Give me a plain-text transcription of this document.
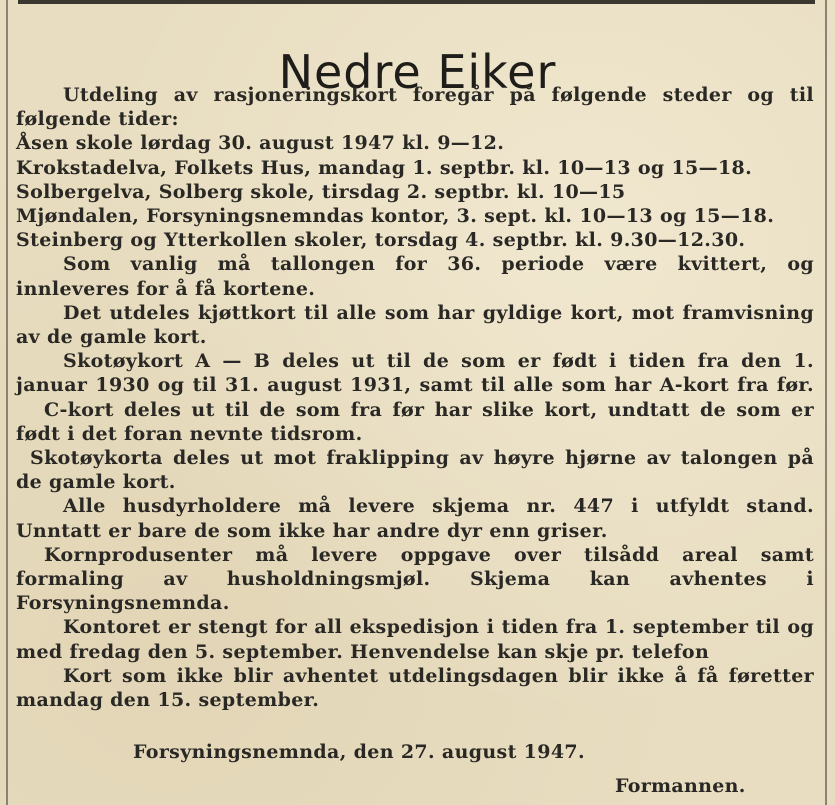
Nedre Eiker

Utdeling av rasjoneringskort foregår på følgende steder og til følgende tider:

Åsen skole lørdag 30. august 1947 kl. 9—12.

Krokstadelva, Folkets Hus, mandag 1. septbr. kl. 10—13 og 15—18.

Solbergelva, Solberg skole, tirsdag 2. septbr. kl. 10—15

Mjøndalen, Forsyningsnemndas kontor, 3. sept. kl. 10—13 og 15—18.

Steinberg og Ytterkollen skoler, torsdag 4. septbr. kl. 9.30—12.30.

Som vanlig må tallongen for 36. periode være kvittert, og innleveres for å få kortene.

Det utdeles kjøttkort til alle som har gyldige kort, mot framvisning av de gamle kort.

Skotøykort A — B deles ut til de som er født i tiden fra den 1. januar 1930 og til 31. august 1931, samt til alle som har A-kort fra før.

C-kort deles ut til de som fra før har slike kort, undtatt de som er født i det foran nevnte tidsrom.

Skotøykorta deles ut mot fraklipping av høyre hjørne av talongen på de gamle kort.

Alle husdyrholdere må levere skjema nr. 447 i utfyldt stand. Unntatt er bare de som ikke har andre dyr enn griser.

Kornprodusenter må levere oppgave over tilsådd areal samt formaling av husholdningsmjøl. Skjema kan avhentes i Forsyningsnemnda.

Kontoret er stengt for all ekspedisjon i tiden fra 1. september til og med fredag den 5. september. Henvendelse kan skje pr. telefon

Kort som ikke blir avhentet utdelingsdagen blir ikke å få føretter mandag den 15. september.

Forsyningsnemnda, den 27. august 1947.
Formannen.
